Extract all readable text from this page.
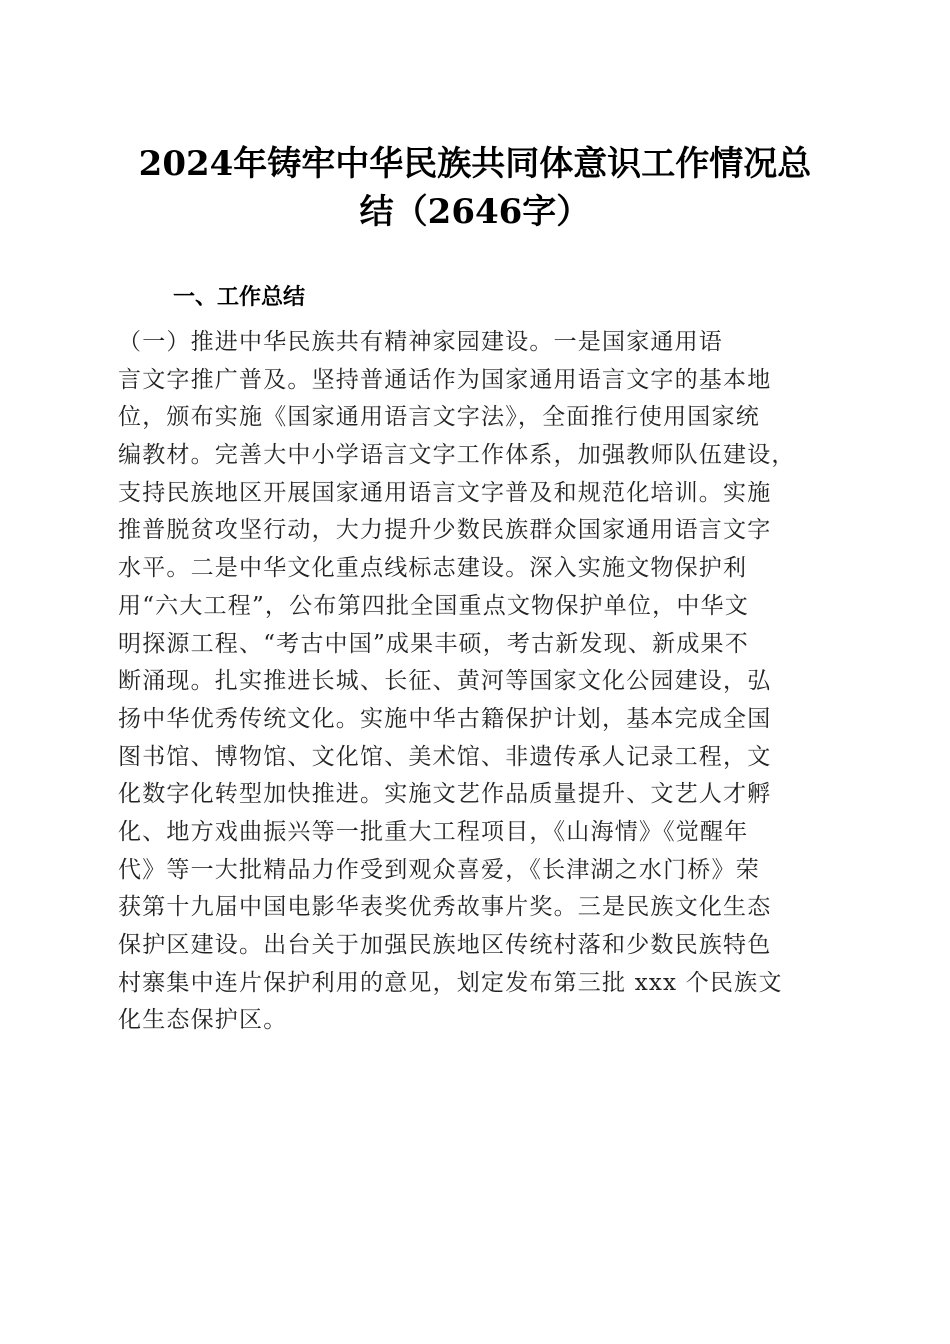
2024年铸牢中华民族共同体意识工作情况总
结（2646字）
一、工作总结
（一）推进中华民族共有精神家园建设。一是国家通用语
言文字推广普及。坚持普通话作为国家通用语言文字的基本地
位，颁布实施《国家通用语言文字法》，全面推行使用国家统
编教材。完善大中小学语言文字工作体系，加强教师队伍建设，
支持民族地区开展国家通用语言文字普及和规范化培训。实施
推普脱贫攻坚行动，大力提升少数民族群众国家通用语言文字
水平。二是中华文化重点线标志建设。深入实施文物保护利
用“六大工程”，公布第四批全国重点文物保护单位，中华文
明探源工程、“考古中国”成果丰硕，考古新发现、新成果不
断涌现。扎实推进长城、长征、黄河等国家文化公园建设，弘
扬中华优秀传统文化。实施中华古籍保护计划，基本完成全国
图书馆、博物馆、文化馆、美术馆、非遗传承人记录工程，文
化数字化转型加快推进。实施文艺作品质量提升、文艺人才孵
化、地方戏曲振兴等一批重大工程项目，《山海情》《觉醒年
代》等一大批精品力作受到观众喜爱，《长津湖之水门桥》荣
获第十九届中国电影华表奖优秀故事片奖。三是民族文化生态
保护区建设。出台关于加强民族地区传统村落和少数民族特色
村寨集中连片保护利用的意见，划定发布第三批 xxx 个民族文
化生态保护区。
